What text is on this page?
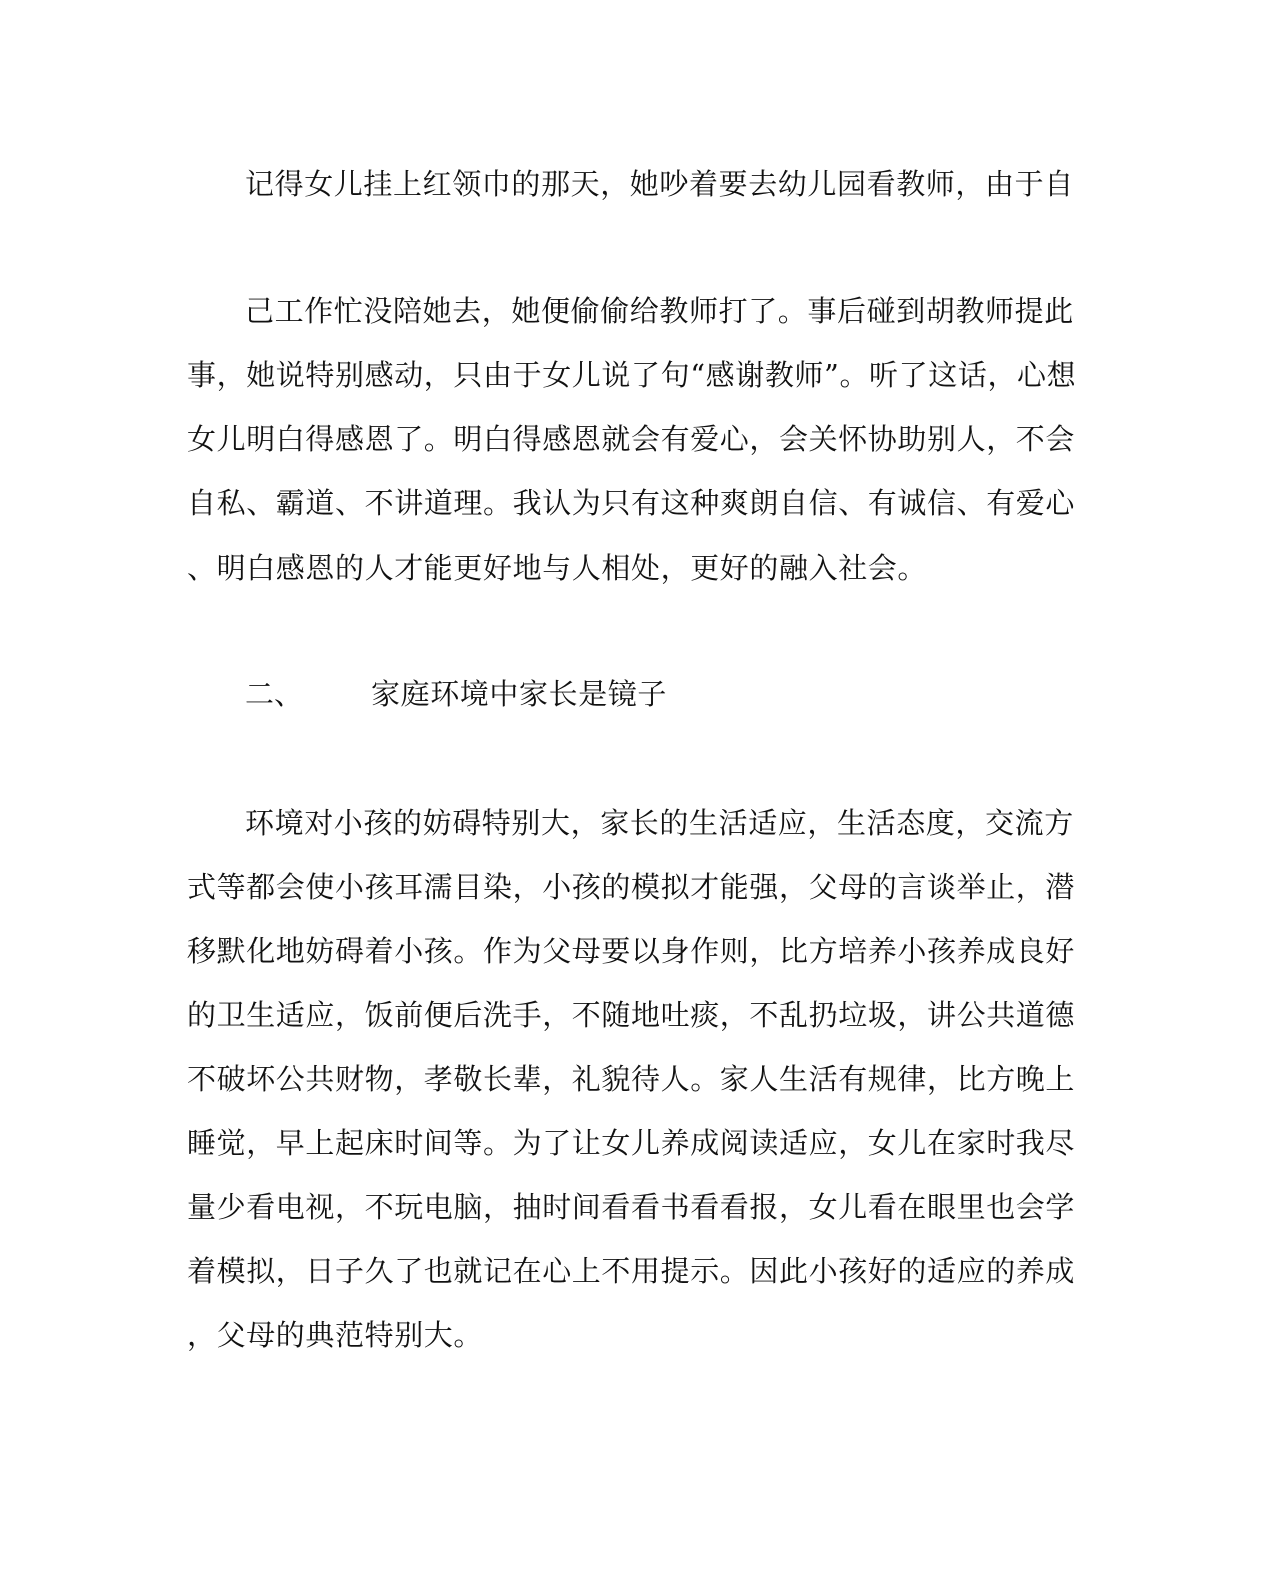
记得女儿挂上红领巾的那天，她吵着要去幼儿园看教师，由于自
己工作忙没陪她去，她便偷偷给教师打了。事后碰到胡教师提此
事，她说特别感动，只由于女儿说了句“感谢教师”。听了这话，心想
女儿明白得感恩了。明白得感恩就会有爱心，会关怀协助别人，不会
自私、霸道、不讲道理。我认为只有这种爽朗自信、有诚信、有爱心
、明白感恩的人才能更好地与人相处，更好的融入社会。
二、 家庭环境中家长是镜子
环境对小孩的妨碍特别大，家长的生活适应，生活态度，交流方
式等都会使小孩耳濡目染，小孩的模拟才能强，父母的言谈举止，潜
移默化地妨碍着小孩。作为父母要以身作则，比方培养小孩养成良好
的卫生适应，饭前便后洗手，不随地吐痰，不乱扔垃圾，讲公共道德
不破坏公共财物，孝敬长辈，礼貌待人。家人生活有规律，比方晚上
睡觉，早上起床时间等。为了让女儿养成阅读适应，女儿在家时我尽
量少看电视，不玩电脑，抽时间看看书看看报，女儿看在眼里也会学
着模拟，日子久了也就记在心上不用提示。因此小孩好的适应的养成
，父母的典范特别大。
